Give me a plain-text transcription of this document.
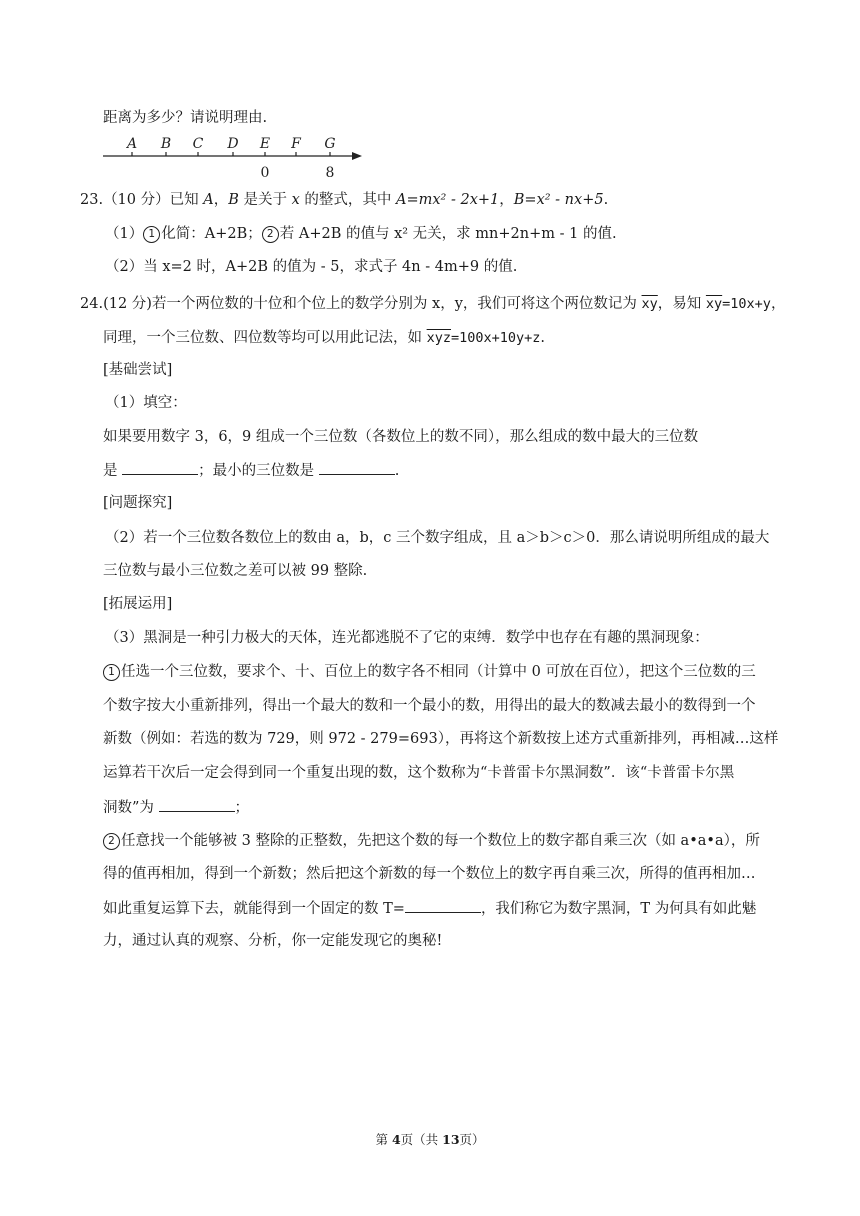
距离为多少？请说明理由.
A B C D E F G
0	8
23.（10 分）已知 A，B 是关于 x 的整式，其中 A=mx² - 2x+1，B=x² - nx+5.
（1） 1 化简：A+2B； 2 若 A+2B 的值与 x² 无关，求 mn+2n+m - 1 的值.
（2）当 x=2 时，A+2B 的值为 - 5，求式子 4n - 4m+9 的值.
24.(12 分)若一个两位数的十位和个位上的数学分别为 x，y，我们可将这个两位数记为 $\overline{xy}$，易知 $\overline{xy}=10x+y$，
同理，一个三位数、四位数等均可以用此记法，如 $\overline{xyz}=100x+10y+z$.
[基础尝试]
（1）填空：
如果要用数字 3，6，9 组成一个三位数（各数位上的数不同），那么组成的数中最大的三位数
是	；最小的三位数是	.
[问题探究]
（2）若一个三位数各数位上的数由 a，b，c 三个数字组成，且 a＞b＞c＞0．那么请说明所组成的最大
三位数与最小三位数之差可以被 99 整除.
[拓展运用]
（3）黑洞是一种引力极大的天体，连光都逃脱不了它的束缚．数学中也存在有趣的黑洞现象：
1 任选一个三位数，要求个、十、百位上的数字各不相同（计算中 0 可放在百位），把这个三位数的三
个数字按大小重新排列，得出一个最大的数和一个最小的数，用得出的最大的数减去最小的数得到一个
新数（例如：若选的数为 729，则 972 - 279=693），再将这个新数按上述方式重新排列，再相减…这样
运算若干次后一定会得到同一个重复出现的数，这个数称为“卡普雷卡尔黑洞数”．该“卡普雷卡尔黑
洞数”为	；
2 任意找一个能够被 3 整除的正整数，先把这个数的每一个数位上的数字都自乘三次（如 a•a•a），所
得的值再相加，得到一个新数；然后把这个新数的每一个数位上的数字再自乘三次，所得的值再相加…
如此重复运算下去，就能得到一个固定的数 T=	，我们称它为数字黑洞，T 为何具有如此魅
力，通过认真的观察、分析，你一定能发现它的奥秘!
第 4页（共 13页）
